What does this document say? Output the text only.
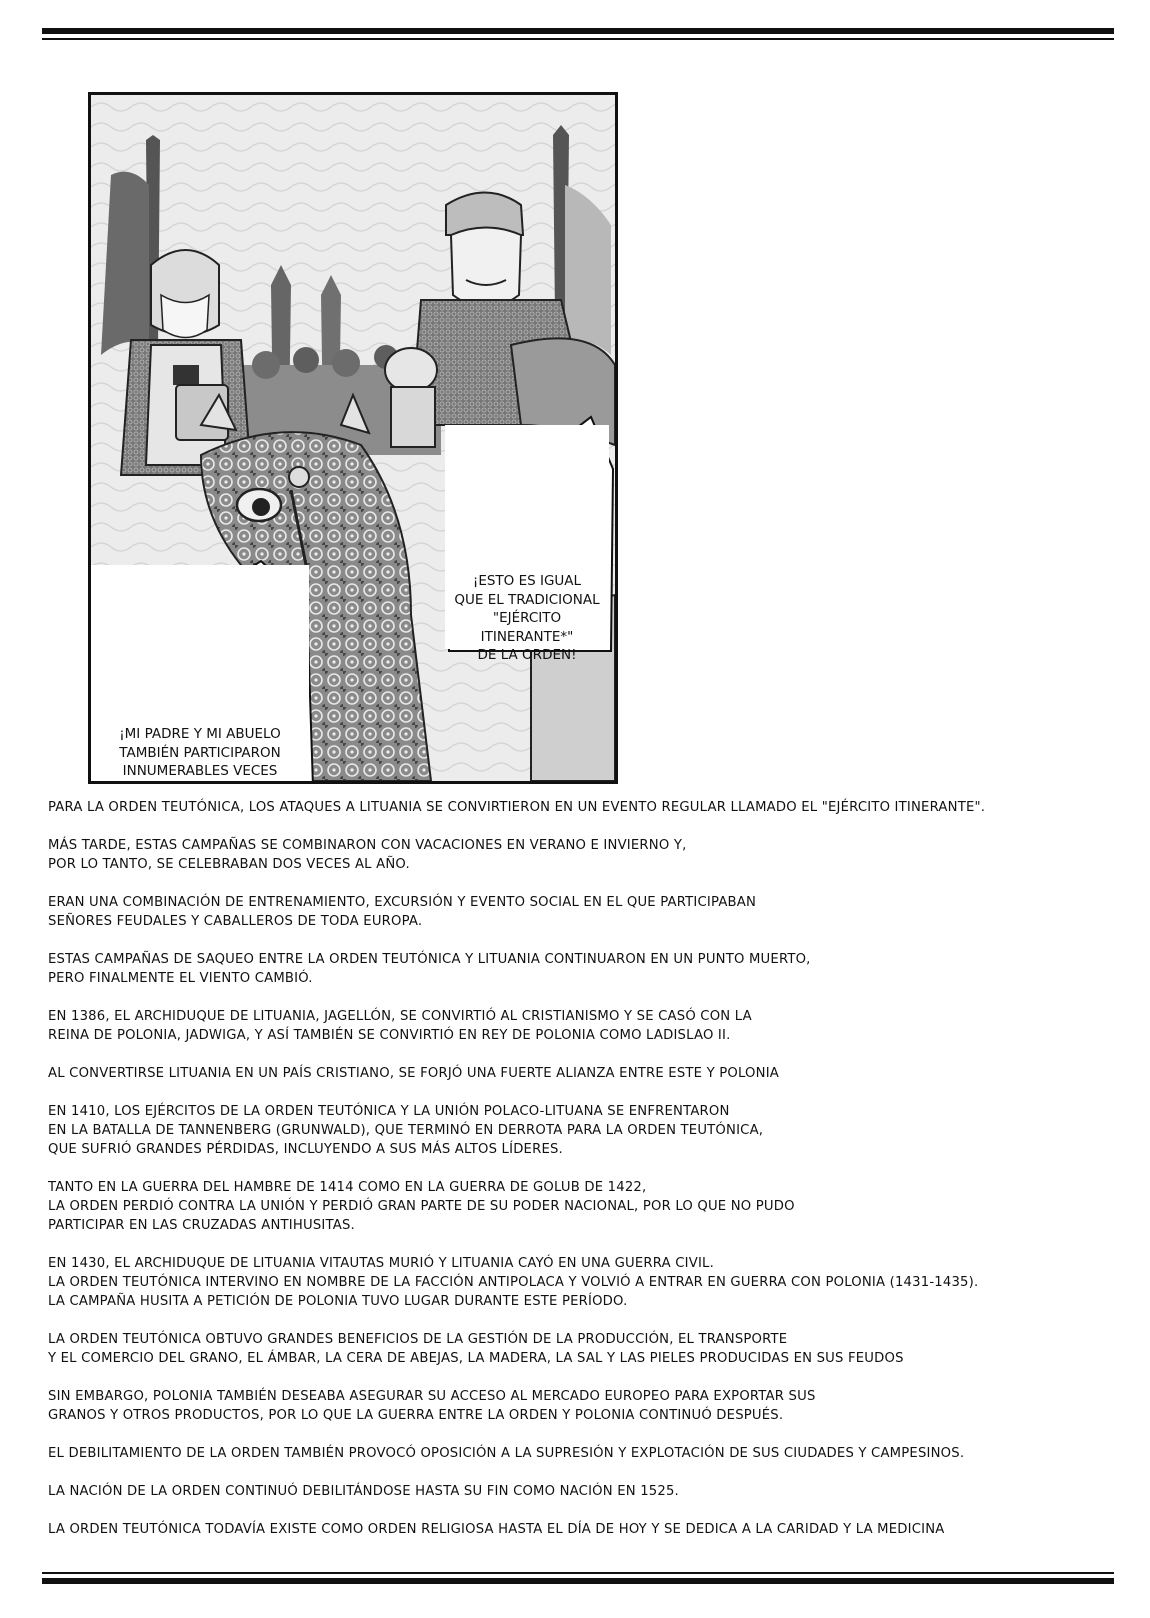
¡ESTO ES IGUAL
QUE EL TRADICIONAL
"EJÉRCITO
ITINERANTE*"
DE LA ORDEN!

¡MI PADRE Y MI ABUELO
TAMBIÉN PARTICIPARON
INNUMERABLES VECES

PARA LA ORDEN TEUTÓNICA, LOS ATAQUES A LITUANIA SE CONVIRTIERON EN UN EVENTO REGULAR LLAMADO EL "EJÉRCITO ITINERANTE".

MÁS TARDE, ESTAS CAMPAÑAS SE COMBINARON CON VACACIONES EN VERANO E INVIERNO Y,
POR LO TANTO, SE CELEBRABAN DOS VECES AL AÑO.

ERAN UNA COMBINACIÓN DE ENTRENAMIENTO, EXCURSIÓN Y EVENTO SOCIAL EN EL QUE PARTICIPABAN
SEÑORES FEUDALES Y CABALLEROS DE TODA EUROPA.

ESTAS CAMPAÑAS DE SAQUEO ENTRE LA ORDEN TEUTÓNICA Y LITUANIA CONTINUARON EN UN PUNTO MUERTO,
PERO FINALMENTE EL VIENTO CAMBIÓ.

EN 1386, EL ARCHIDUQUE DE LITUANIA, JAGELLÓN, SE CONVIRTIÓ AL CRISTIANISMO Y SE CASÓ CON LA
REINA DE POLONIA, JADWIGA, Y ASÍ TAMBIÉN SE CONVIRTIÓ EN REY DE POLONIA COMO LADISLAO II.

AL CONVERTIRSE LITUANIA EN UN PAÍS CRISTIANO, SE FORJÓ UNA FUERTE ALIANZA ENTRE ESTE Y POLONIA

EN 1410, LOS EJÉRCITOS DE LA ORDEN TEUTÓNICA Y LA UNIÓN POLACO-LITUANA SE ENFRENTARON
EN LA BATALLA DE TANNENBERG (GRUNWALD), QUE TERMINÓ EN DERROTA PARA LA ORDEN TEUTÓNICA,
QUE SUFRIÓ GRANDES PÉRDIDAS, INCLUYENDO A SUS MÁS ALTOS LÍDERES.

TANTO EN LA GUERRA DEL HAMBRE DE 1414 COMO EN LA GUERRA DE GOLUB DE 1422,
LA ORDEN PERDIÓ CONTRA LA UNIÓN Y PERDIÓ GRAN PARTE DE SU PODER NACIONAL, POR LO QUE NO PUDO
PARTICIPAR EN LAS CRUZADAS ANTIHUSITAS.

EN 1430, EL ARCHIDUQUE DE LITUANIA VITAUTAS MURIÓ Y LITUANIA CAYÓ EN UNA GUERRA CIVIL.
LA ORDEN TEUTÓNICA INTERVINO EN NOMBRE DE LA FACCIÓN ANTIPOLACA Y VOLVIÓ A ENTRAR EN GUERRA CON POLONIA (1431-1435).
LA CAMPAÑA HUSITA A PETICIÓN DE POLONIA TUVO LUGAR DURANTE ESTE PERÍODO.

LA ORDEN TEUTÓNICA OBTUVO GRANDES BENEFICIOS DE LA GESTIÓN DE LA PRODUCCIÓN, EL TRANSPORTE
Y EL COMERCIO DEL GRANO, EL ÁMBAR, LA CERA DE ABEJAS, LA MADERA, LA SAL Y LAS PIELES PRODUCIDAS EN SUS FEUDOS

SIN EMBARGO, POLONIA TAMBIÉN DESEABA ASEGURAR SU ACCESO AL MERCADO EUROPEO PARA EXPORTAR SUS
GRANOS Y OTROS PRODUCTOS, POR LO QUE LA GUERRA ENTRE LA ORDEN Y POLONIA CONTINUÓ DESPUÉS.

EL DEBILITAMIENTO DE LA ORDEN TAMBIÉN PROVOCÓ OPOSICIÓN A LA SUPRESIÓN Y EXPLOTACIÓN DE SUS CIUDADES Y CAMPESINOS.

LA NACIÓN DE LA ORDEN CONTINUÓ DEBILITÁNDOSE HASTA SU FIN COMO NACIÓN EN 1525.

LA ORDEN TEUTÓNICA TODAVÍA EXISTE COMO ORDEN RELIGIOSA HASTA EL DÍA DE HOY Y SE DEDICA A LA CARIDAD Y LA MEDICINA
